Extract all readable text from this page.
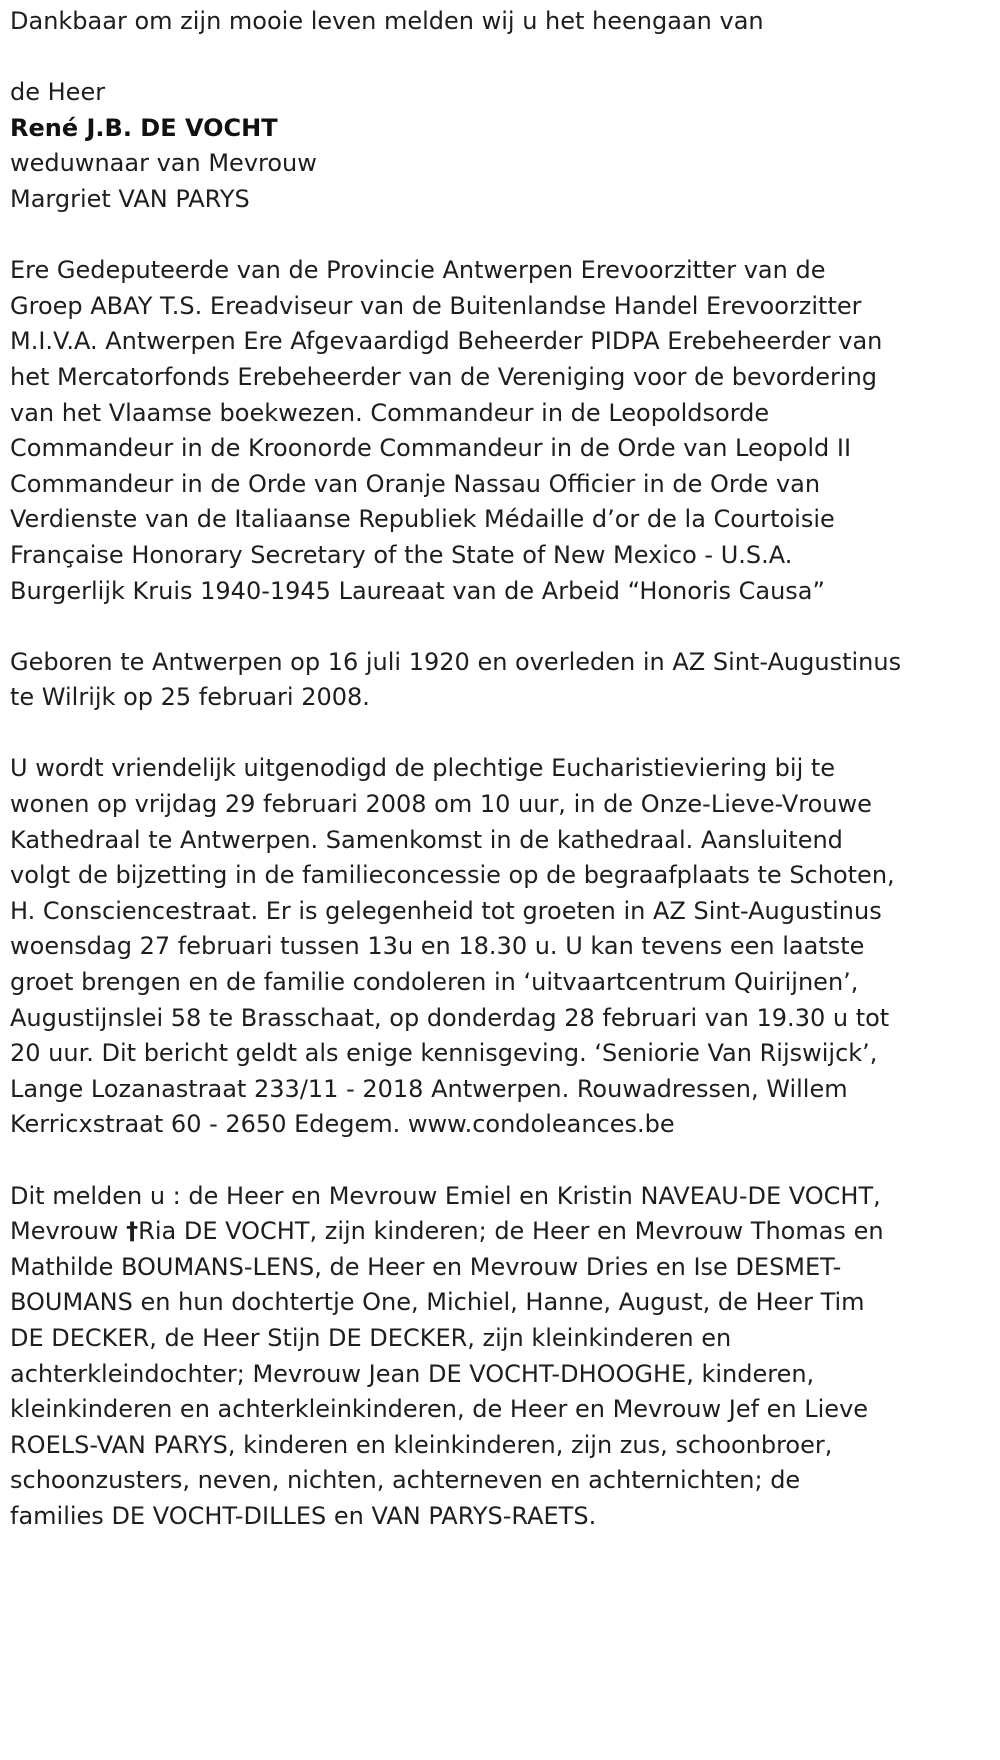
Dankbaar om zijn mooie leven melden wij u het heengaan van

de Heer

René J.B. DE VOCHT

weduwnaar van Mevrouw

Margriet VAN PARYS

Ere Gedeputeerde van de Provincie Antwerpen Erevoorzitter van de
Groep ABAY T.S. Ereadviseur van de Buitenlandse Handel Erevoorzitter
M.I.V.A. Antwerpen Ere Afgevaardigd Beheerder PIDPA Erebeheerder van
het Mercatorfonds Erebeheerder van de Vereniging voor de bevordering
van het Vlaamse boekwezen. Commandeur in de Leopoldsorde
Commandeur in de Kroonorde Commandeur in de Orde van Leopold II
Commandeur in de Orde van Oranje Nassau Officier in de Orde van
Verdienste van de Italiaanse Republiek Médaille d’or de la Courtoisie
Française Honorary Secretary of the State of New Mexico - U.S.A.
Burgerlijk Kruis 1940-1945 Laureaat van de Arbeid “Honoris Causa”
Geboren te Antwerpen op 16 juli 1920 en overleden in AZ Sint-Augustinus
te Wilrijk op 25 februari 2008.
U wordt vriendelijk uitgenodigd de plechtige Eucharistieviering bij te
wonen op vrijdag 29 februari 2008 om 10 uur, in de Onze-Lieve-Vrouwe
Kathedraal te Antwerpen. Samenkomst in de kathedraal. Aansluitend
volgt de bijzetting in de familieconcessie op de begraafplaats te Schoten,
H. Consciencestraat. Er is gelegenheid tot groeten in AZ Sint-Augustinus
woensdag 27 februari tussen 13u en 18.30 u. U kan tevens een laatste
groet brengen en de familie condoleren in ‘uitvaartcentrum Quirijnen’,
Augustijnslei 58 te Brasschaat, op donderdag 28 februari van 19.30 u tot
20 uur. Dit bericht geldt als enige kennisgeving. ‘Seniorie Van Rijswijck’,
Lange Lozanastraat 233/11 - 2018 Antwerpen. Rouwadressen, Willem
Kerricxstraat 60 - 2650 Edegem. www.condoleances.be
Dit melden u : de Heer en Mevrouw Emiel en Kristin NAVEAU-DE VOCHT,
Mevrouw †Ria DE VOCHT, zijn kinderen; de Heer en Mevrouw Thomas en
Mathilde BOUMANS-LENS, de Heer en Mevrouw Dries en Ise DESMET-
BOUMANS en hun dochtertje One, Michiel, Hanne, August, de Heer Tim
DE DECKER, de Heer Stijn DE DECKER, zijn kleinkinderen en
achterkleindochter; Mevrouw Jean DE VOCHT-DHOOGHE, kinderen,
kleinkinderen en achterkleinkinderen, de Heer en Mevrouw Jef en Lieve
ROELS-VAN PARYS, kinderen en kleinkinderen, zijn zus, schoonbroer,
schoonzusters, neven, nichten, achterneven en achternichten; de
families DE VOCHT-DILLES en VAN PARYS-RAETS.
